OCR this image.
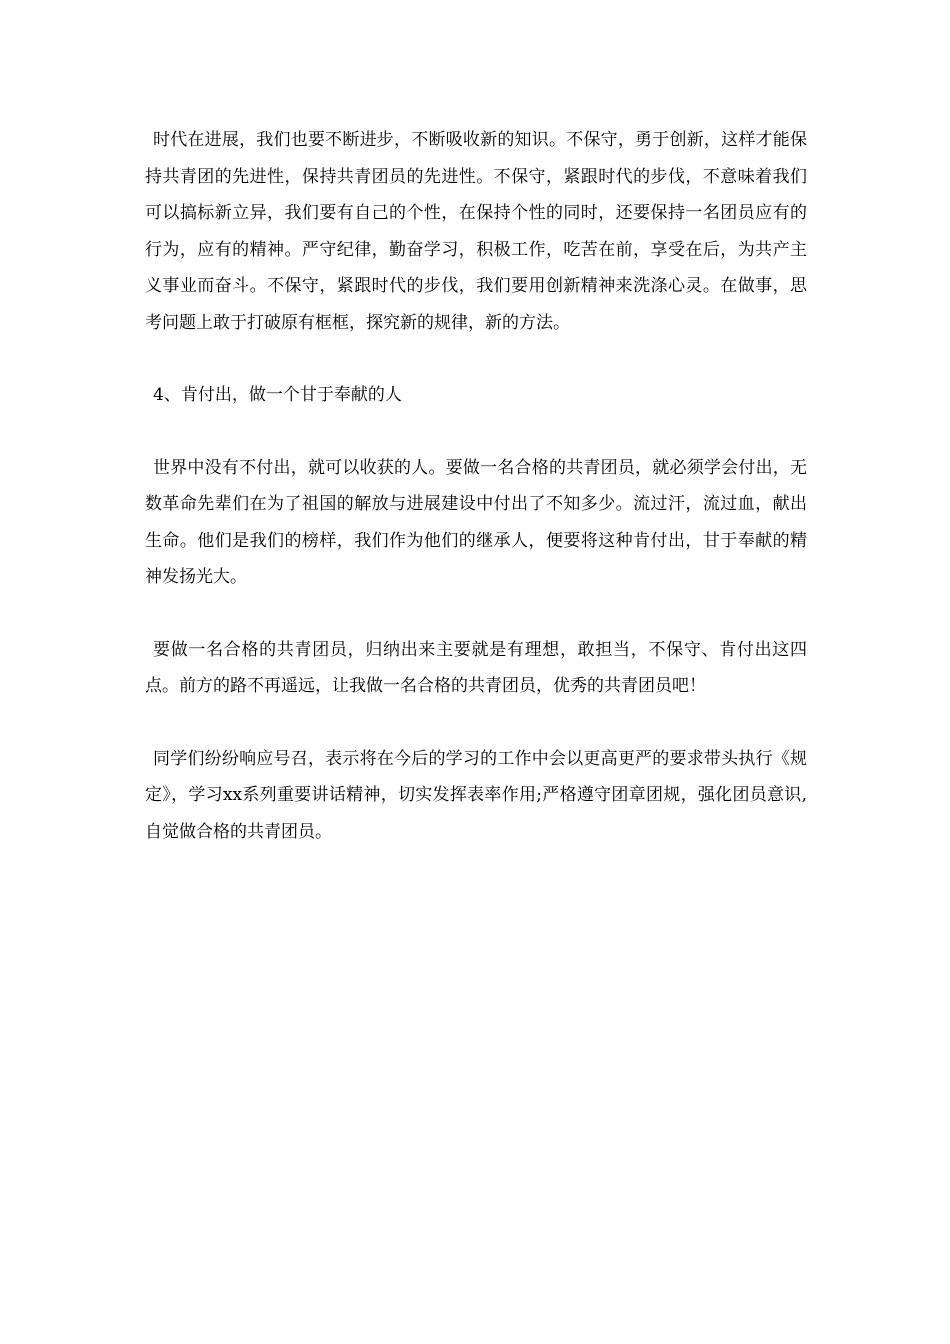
时代在进展，我们也要不断进步，不断吸收新的知识。不保守，勇于创新，这样才能保持共青团的先进性，保持共青团员的先进性。不保守，紧跟时代的步伐，不意味着我们可以搞标新立异，我们要有自己的个性，在保持个性的同时，还要保持一名团员应有的行为，应有的精神。严守纪律，勤奋学习，积极工作，吃苦在前，享受在后，为共产主义事业而奋斗。不保守，紧跟时代的步伐，我们要用创新精神来洗涤心灵。在做事，思考问题上敢于打破原有框框，探究新的规律，新的方法。

4、肯付出，做一个甘于奉献的人

世界中没有不付出，就可以收获的人。要做一名合格的共青团员，就必须学会付出，无数革命先辈们在为了祖国的解放与进展建设中付出了不知多少。流过汗，流过血，献出生命。他们是我们的榜样，我们作为他们的继承人，便要将这种肯付出，甘于奉献的精神发扬光大。

要做一名合格的共青团员，归纳出来主要就是有理想，敢担当，不保守、肯付出这四点。前方的路不再遥远，让我做一名合格的共青团员，优秀的共青团员吧！

同学们纷纷响应号召，表示将在今后的学习的工作中会以更高更严的要求带头执行《规定》，学习xx系列重要讲话精神，切实发挥表率作用;严格遵守团章团规，强化团员意识,自觉做合格的共青团员。
